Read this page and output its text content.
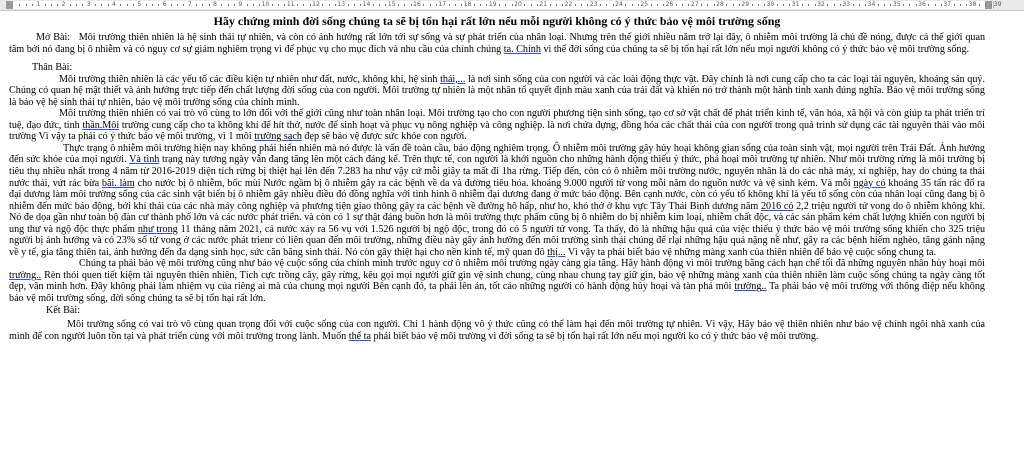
1	2	3	4	5	6	7	8	9	10	11	12	13	14	15	16	17	18	19	20	21	22	23	24	25	26	27	28	29	30	31	32	33	34	35	36	37	38	39
Hãy chứng minh đời sống chúng ta sẽ bị tổn hại rất lớn nếu mỗi người không có ý thức bảo vệ môi trường sống

Mở Bài: Môi trường thiên nhiên là hệ sinh thái tự nhiên, và còn có ảnh hưởng rất lớn tới sự sống và sự phát triển của nhân loại. Nhưng trên thế giới nhiều năm trở lại đây, ô nhiễm môi trường là chủ đề nóng, được cả thế giới quan tâm bởi nó đang bị ô nhiễm và có nguy cơ sự giảm nghiêm trọng vì để phục vụ cho mục đích và nhu cầu của chính chúng ta. Chính vì thế đời sống của chúng ta sẽ bị tổn hại rất lớn nếu mọi người không có ý thức bảo vệ môi trường sống.

Thân Bài:

Môi trường thiên nhiên là các yếu tố các điều kiện tự nhiên như đất, nước, không khí, hệ sinh thái,... là nơi sinh sống của con người và các loài động thực vật. Đây chính là nơi cung cấp cho ta các loại tài nguyên, khoáng sản quý. Chúng có quan hệ mật thiết và ảnh hưởng trực tiếp đến chất lượng đời sống của con người. Môi trường tự nhiên là một nhân tố quyết định màu xanh của trái đất và khiến nó trở thành một hành tinh xanh đúng nghĩa. Bảo vệ môi trường sống là bảo vệ hệ sinh thái tự nhiên, bảo vệ môi trường sống của chính mình.

Môi trường thiên nhiên có vai trò vô cùng to lớn đối với thế giới cũng như toàn nhân loại. Môi trường tạo cho con người phương tiện sinh sống, tạo cơ sở vật chất để phát triển kinh tế, văn hóa, xã hội và còn giúp ta phát triển trí tuệ, đạo đức, tinh thần.Môi trường cung cấp cho ta không khí để hít thở, nước để sinh hoạt và phục vụ nông nghiệp và công nghiệp. là nơi chứa đựng, đồng hóa các chất thải của con người trong quá trình sử dụng các tài nguyên thải vào môi trường Vì vậy ta phải có ý thức bảo vệ môi trường, vì 1 môi trường sạch đẹp sẽ bảo vệ được sức khỏe con người.

Thực trạng ô nhiễm môi trường hiện nay không phải hiển nhiên mà nó được là vấn đề toàn cầu, báo động nghiêm trọng. Ô nhiễm môi trường gây hủy hoại không gian sống của toàn sinh vật, mọi người trên Trái Đất. Ảnh hưởng đến sức khỏe của mọi người. Và tình trạng này tương ngày vẫn đang tăng lên một cách đáng kể. Trên thực tế, con người là khởi nguồn cho những hành động thiếu ý thức, phá hoại môi trường tự nhiên. Như môi trường rừng là môi trường bị tiêu thụ nhiều nhất trong 4 năm từ 2016-2019 diện tích rừng bị thiệt hại lên đến 7.283 ha như vậy cứ mỗi giây ta mất đi 1ha rừng. Tiếp đến, còn có ô nhiễm môi trường nước, nguyên nhân là do các nhà máy, xí nghiệp, hay do chúng ta thải nước thải, vứt rác bừa bãi. làm cho nước bị ô nhiễm, bốc mùi Nước ngầm bị ô nhiễm gây ra các bệnh về da và đường tiêu hóa. khoảng 9.000 người tử vong mỗi năm do nguồn nước và vệ sinh kém. Và mỗi ngày có khoảng 35 tấn rác đổ ra đại dương làm môi trường sống của các sinh vật biển bị ô nhiễm gây nhiều điều đó đồng nghĩa với tình hình ô nhiễm đại dương đang ở mức báo động. Bên cạnh nước, còn có yếu tố không khí là yếu tố sống còn của nhân loại cũng đang bị ô nhiễm đến mức báo động, bởi khí thải của các nhà máy công nghiệp và phương tiện giao thông gây ra các bệnh về đường hô hấp, như ho, khó thở ở khu vực Tây Thái Bình dương năm 2016 có 2,2 triệu người tử vong do ô nhiễm không khí. Nó đe dọa gần như toàn bộ đàn cư thành phố lớn và các nước phát triển. và còn có 1 sự thật đáng buồn hơn là môi trường thực phẩm cũng bị ô nhiễm do bị nhiễm kim loại, nhiễm chất độc, và các sản phẩm kém chất lượng khiến con người bị ung thư và ngộ độc thực phẩm như trong 11 tháng năm 2021, cả nước xảy ra 56 vụ với 1.526 người bị ngộ độc, trong đó có 5 người tử vong. Ta thấy, đó là những hậu quả của việc thiếu ý thức bảo vệ môi trường sống khiến cho 325 triệu người bị ảnh hưởng và có 23% số tử vong ở các nước phát trienr có liên quan đến môi trường, những điều này gây ảnh hưởng đến môi trường sinh thái chúng để rlại những hậu quả nặng nề như, gây ra các bệnh hiểm nghèo, tăng gánh nặng về y tế, gia tăng thiên tai, ảnh hưởng đến đa dạng sinh học, sức căn băng sinh thái. Nó còn gây thiệt hại cho nền kinh tế, mỹ quan đô thị... Vì vậy ta phải biết bảo vệ những màng xanh của thiên nhiên để bảo vệ cuộc sống chung ta.

Chúng ta phải bảo vệ môi trường cũng như bảo vệ cuộc sống của chính mình trước nguy cơ ô nhiễm môi trường ngày càng gia tăng. Hãy hành động vì môi trường bằng cách hạn chế tối đã những nguyên nhân hủy hoại môi trường.. Rèn thói quen tiết kiệm tài nguyên thiên nhiên, Tích cực trồng cây, gây rừng, kêu gọi mọi người giữ gìn vệ sinh chung, cùng nhau chung tay giữ gìn, bảo vệ những màng xanh của thiên nhiên làm cuộc sống chúng ta ngày càng tốt đẹp, văn minh hơn. Đây không phải làm nhiệm vụ của riêng ai mà của chung mọi người Bên cạnh đó, ta phải lên án, tốt cáo những người có hành động hủy hoại và tàn phá môi trường.. Ta phải bảo vệ môi trường với thông điệp nếu không bảo vệ môi trường sống, đời sống chúng ta sẽ bị tổn hại rất lớn.

Kết Bài:

Môi trường sống có vai trò vô cùng quan trọng đối với cuộc sống của con người. Chỉ 1 hành động vô ý thức cũng có thể làm hại đến môi trường tự nhiên. Vì vậy, Hãy bảo vệ thiên nhiên như bảo vệ chính ngôi nhà xanh của mình để con người luôn tồn tại và phát triển cùng với môi trường trong lành. Muốn thế ta phải biết bảo vệ môi trường vì đời sống ta sẽ bị tổn hại rất lớn nếu mọi người ko có ý thức bảo vệ môi trường.
